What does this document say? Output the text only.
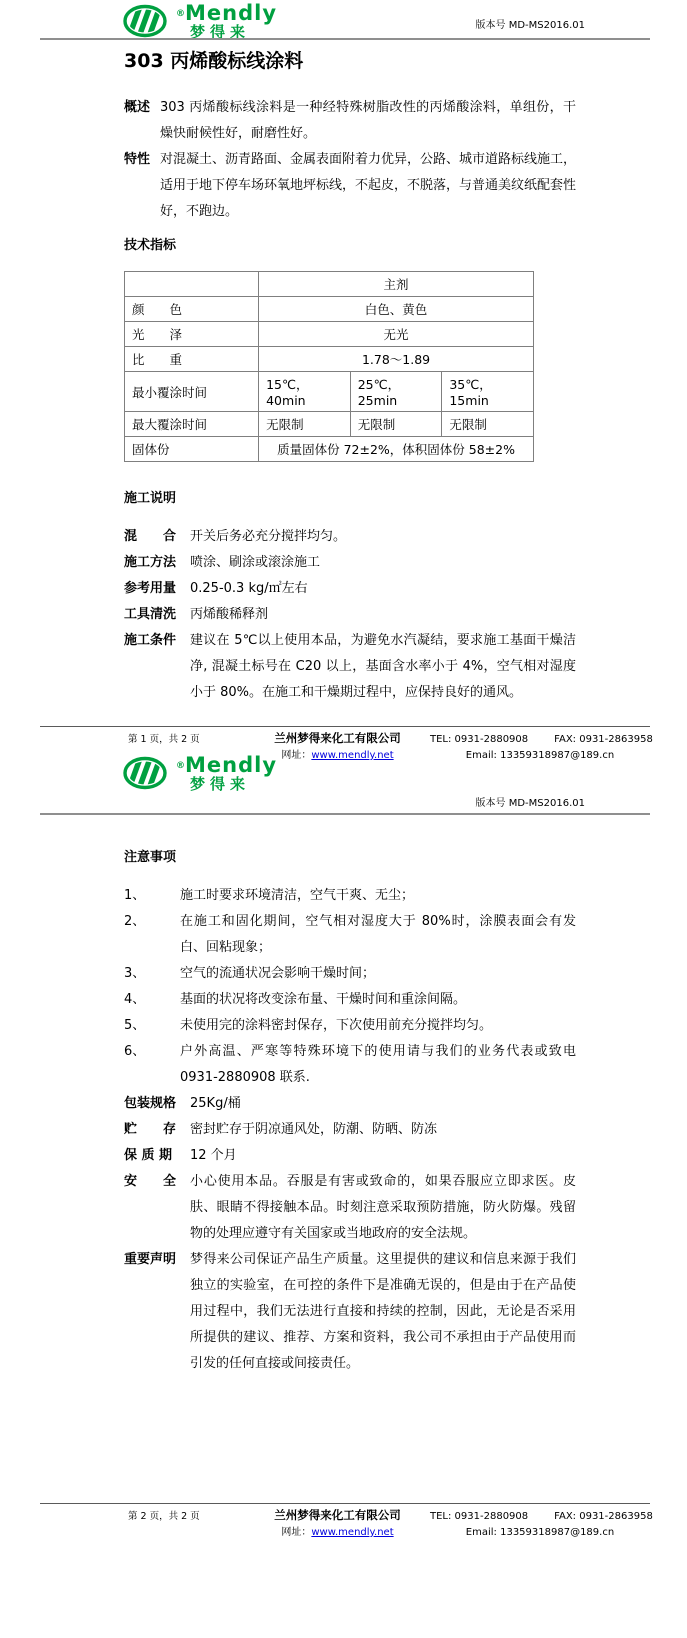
®Mendly
梦得来	版本号 MD-MS2016.01
303 丙烯酸标线涂料
概述 303 丙烯酸标线涂料是一种经特殊树脂改性的丙烯酸涂料，单组份，干燥快耐候性好，耐磨性好。
特性 对混凝土、沥青路面、金属表面附着力优异，公路、城市道路标线施工，适用于地下停车场环氧地坪标线，不起皮，不脱落，与普通美纹纸配套性好，不跑边。
技术指标
	主剂		
颜　　色	白色、黄色		
光　　泽	无光		
比　　重	1.78～1.89		
最小覆涂时间	15℃，40min	25℃，25min	35℃，15min
最大覆涂时间	无限制	无限制	无限制
固体份	质量固体份 72±2%，体积固体份 58±2%		
施工说明
混　　合	开关后务必充分搅拌均匀。
施工方法	喷涂、刷涂或滚涂施工
参考用量	0.25-0.3 kg/㎡左右
工具清洗	丙烯酸稀释剂
施工条件	建议在 5℃以上使用本品，为避免水汽凝结，要求施工基面干燥洁净, 混凝土标号在 C20 以上，基面含水率小于 4%，空气相对湿度小于 80%。在施工和干燥期过程中，应保持良好的通风。
第 1 页，共 2 页	兰州梦得来化工有限公司	TEL: 0931-2880908	FAX: 0931-2863958
网址：www.mendly.net	Email: 13359318987@189.cn
®Mendly
梦得来
版本号 MD-MS2016.01
注意事项
1、	施工时要求环境清洁，空气干爽、无尘；
2、	在施工和固化期间，空气相对湿度大于 80%时，涂膜表面会有发白、回粘现象；
3、	空气的流通状况会影响干燥时间；
4、	基面的状况将改变涂布量、干燥时间和重涂间隔。
5、	未使用完的涂料密封保存，下次使用前充分搅拌均匀。
6、	户外高温、严寒等特殊环境下的使用请与我们的业务代表或致电 0931-2880908 联系.
包装规格	25Kg/桶
贮　　存	密封贮存于阴凉通风处，防潮、防晒、防冻
保 质 期	12 个月
安　　全	小心使用本品。吞服是有害或致命的，如果吞服应立即求医。皮肤、眼睛不得接触本品。时刻注意采取预防措施，防火防爆。残留物的处理应遵守有关国家或当地政府的安全法规。
重要声明	梦得来公司保证产品生产质量。这里提供的建议和信息来源于我们独立的实验室，在可控的条件下是准确无误的，但是由于在产品使用过程中，我们无法进行直接和持续的控制，因此，无论是否采用所提供的建议、推荐、方案和资料，我公司不承担由于产品使用而引发的任何直接或间接责任。
第 2 页，共 2 页	兰州梦得来化工有限公司	TEL: 0931-2880908	FAX: 0931-2863958
网址：www.mendly.net	Email: 13359318987@189.cn
